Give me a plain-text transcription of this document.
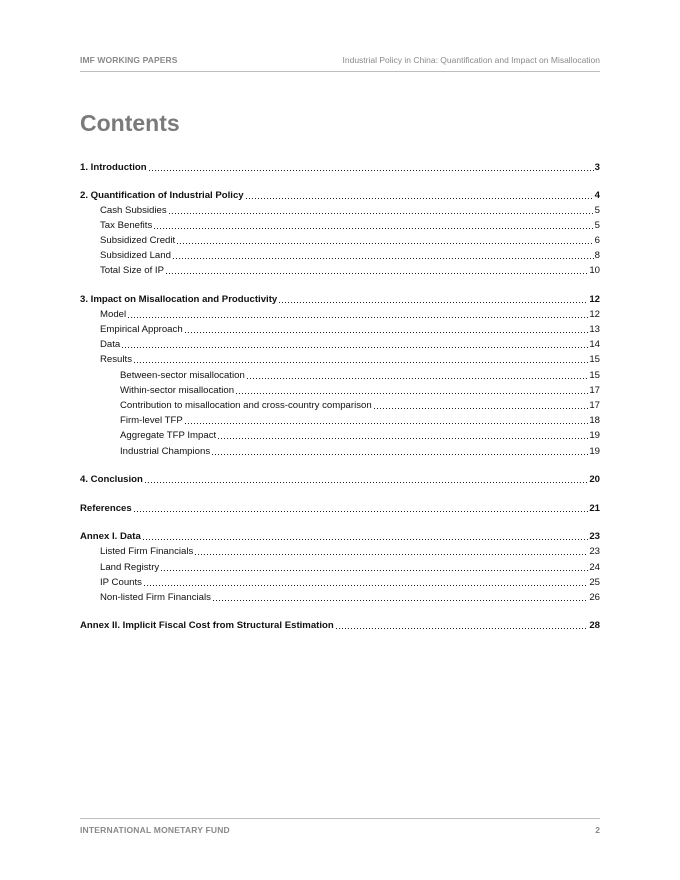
IMF WORKING PAPERS	Industrial Policy in China: Quantification and Impact on Misallocation
Contents
1. Introduction	3
2. Quantification of Industrial Policy	4
Cash Subsidies	5
Tax Benefits	5
Subsidized Credit	6
Subsidized Land	8
Total Size of IP	10
3. Impact on Misallocation and Productivity	12
Model	12
Empirical Approach	13
Data	14
Results	15
Between-sector misallocation	15
Within-sector misallocation	17
Contribution to misallocation and cross-country comparison	17
Firm-level TFP	18
Aggregate TFP Impact	19
Industrial Champions	19
4. Conclusion	20
References	21
Annex I. Data	23
Listed Firm Financials	23
Land Registry	24
IP Counts	25
Non-listed Firm Financials	26
Annex II. Implicit Fiscal Cost from Structural Estimation	28
INTERNATIONAL MONETARY FUND	2
